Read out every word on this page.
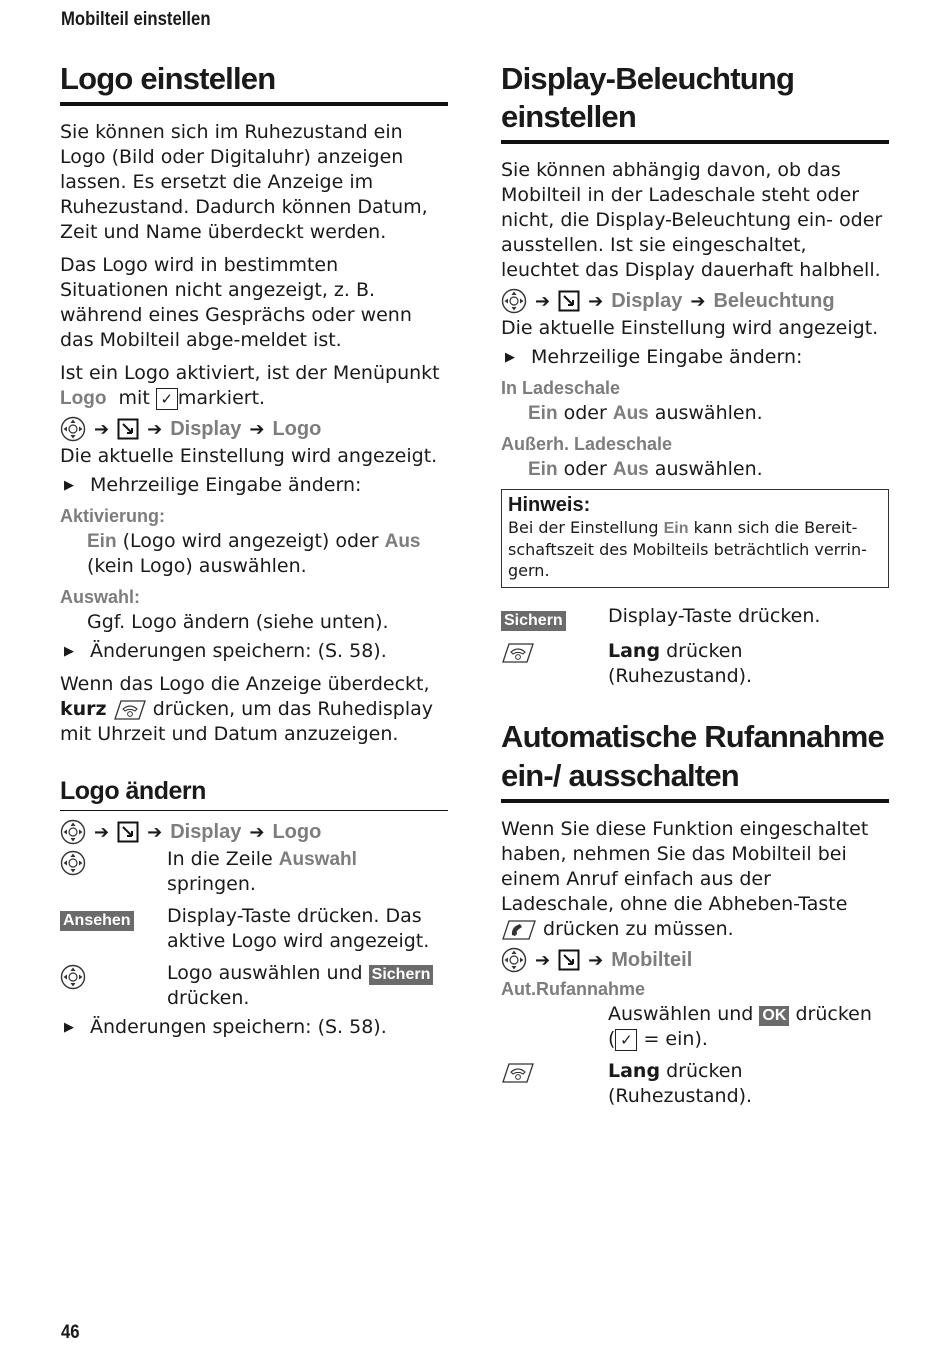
Mobilteil einstellen
Logo einstellen

Sie können sich im Ruhezustand ein Logo (Bild oder Digitaluhr) anzeigen lassen. Es ersetzt die Anzeige im Ruhezustand. Dadurch können Datum, Zeit und Name überdeckt werden.

Das Logo wird in bestimmten Situationen nicht angezeigt, z. B. während eines Gesprächs oder wenn das Mobilteil abge-meldet ist.

Ist ein Logo aktiviert, ist der Menüpunkt
Logo mit ✓ markiert.

➔ ➔ Display ➔ Logo

Die aktuelle Einstellung wird angezeigt.

▶ Mehrzeilige Eingabe ändern:
Aktivierung:
Ein (Logo wird angezeigt) oder Aus
(kein Logo) auswählen.
Auswahl:
Ggf. Logo ändern (siehe unten).
▶ Änderungen speichern: (S. 58).

Wenn das Logo die Anzeige überdeckt,
kurz drücken, um das Ruhedisplay
mit Uhrzeit und Datum anzuzeigen.

Logo ändern
➔ ➔ Display ➔ Logo
In die Zeile Auswahl springen.
Ansehen	Display-Taste drücken. Das aktive Logo wird angezeigt.
Logo auswählen und Sichern
drücken.
▶ Änderungen speichern: (S. 58).
Display-Beleuchtung einstellen

Sie können abhängig davon, ob das Mobilteil in der Ladeschale steht oder nicht, die Display-Beleuchtung ein- oder ausstellen. Ist sie eingeschaltet, leuchtet das Display dauerhaft halbhell.

➔ ➔ Display ➔ Beleuchtung

Die aktuelle Einstellung wird angezeigt.

▶ Mehrzeilige Eingabe ändern:
In Ladeschale
Ein oder Aus auswählen.
Außerh. Ladeschale
Ein oder Aus auswählen.
Hinweis:
Bei der Einstellung Ein kann sich die Bereit-schaftszeit des Mobilteils beträchtlich verrin-gern.
Sichern	Display-Taste drücken.
Lang drücken (Ruhezustand).
Automatische Rufannahme ein-/ ausschalten

Wenn Sie diese Funktion eingeschaltet haben, nehmen Sie das Mobilteil bei einem Anruf einfach aus der Ladeschale, ohne die Abheben-Taste
drücken zu müssen.

➔ ➔ Mobilteil
Aut.Rufannahme
Auswählen und OK drücken
( ✓ = ein).
Lang drücken (Ruhezustand).
46
